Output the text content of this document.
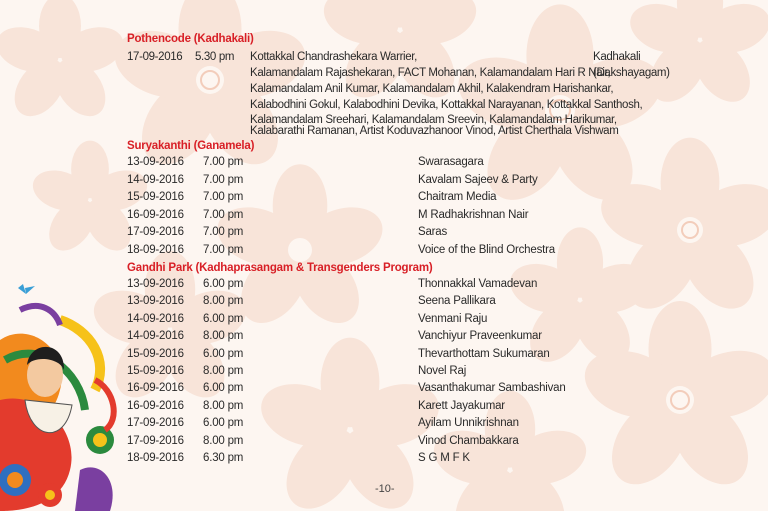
Pothencode (Kadhakali)
17-09-2016 5.30 pm Kottakkal Chandrashekara Warrier,
Kalamandalam Rajashekaran, FACT Mohanan, Kalamandalam Hari R Nair,
Kalamandalam Anil Kumar, Kalamandalam Akhil, Kalakendram Harishankar,
Kalabodhini Gokul, Kalabodhini Devika, Kottakkal Narayanan, Kottakkal Santhosh,
Kalamandalam Sreehari, Kalamandalam Sreevin, Kalamandalam Harikumar,
Kalabarathi Ramanan, Artist Koduvazhanoor Vinod, Artist Cherthala Vishwam
Kadhakali
(Dakshayagam)
Suryakanthi (Ganamela)
13-09-2016 7.00 pm	Swarasagara
14-09-2016 7.00 pm	Kavalam Sajeev & Party
15-09-2016 7.00 pm	Chaitram Media
16-09-2016 7.00 pm	M Radhakrishnan Nair
17-09-2016 7.00 pm	Saras
18-09-2016 7.00 pm	Voice of the Blind Orchestra
Gandhi Park (Kadhaprasangam & Transgenders Program)
13-09-2016 6.00 pm	Thonnakkal Vamadevan
13-09-2016 8.00 pm	Seena Pallikara
14-09-2016 6.00 pm	Venmani Raju
14-09-2016 8.00 pm	Vanchiyur Praveenkumar
15-09-2016 6.00 pm	Thevarthottam Sukumaran
15-09-2016 8.00 pm	Novel Raj
16-09-2016 6.00 pm	Vasanthakumar Sambashivan
16-09-2016 8.00 pm	Karett Jayakumar
17-09-2016 6.00 pm	Ayilam Unnikrishnan
17-09-2016 8.00 pm	Vinod Chambakkara
18-09-2016 6.30 pm	S G M F K
-10-
